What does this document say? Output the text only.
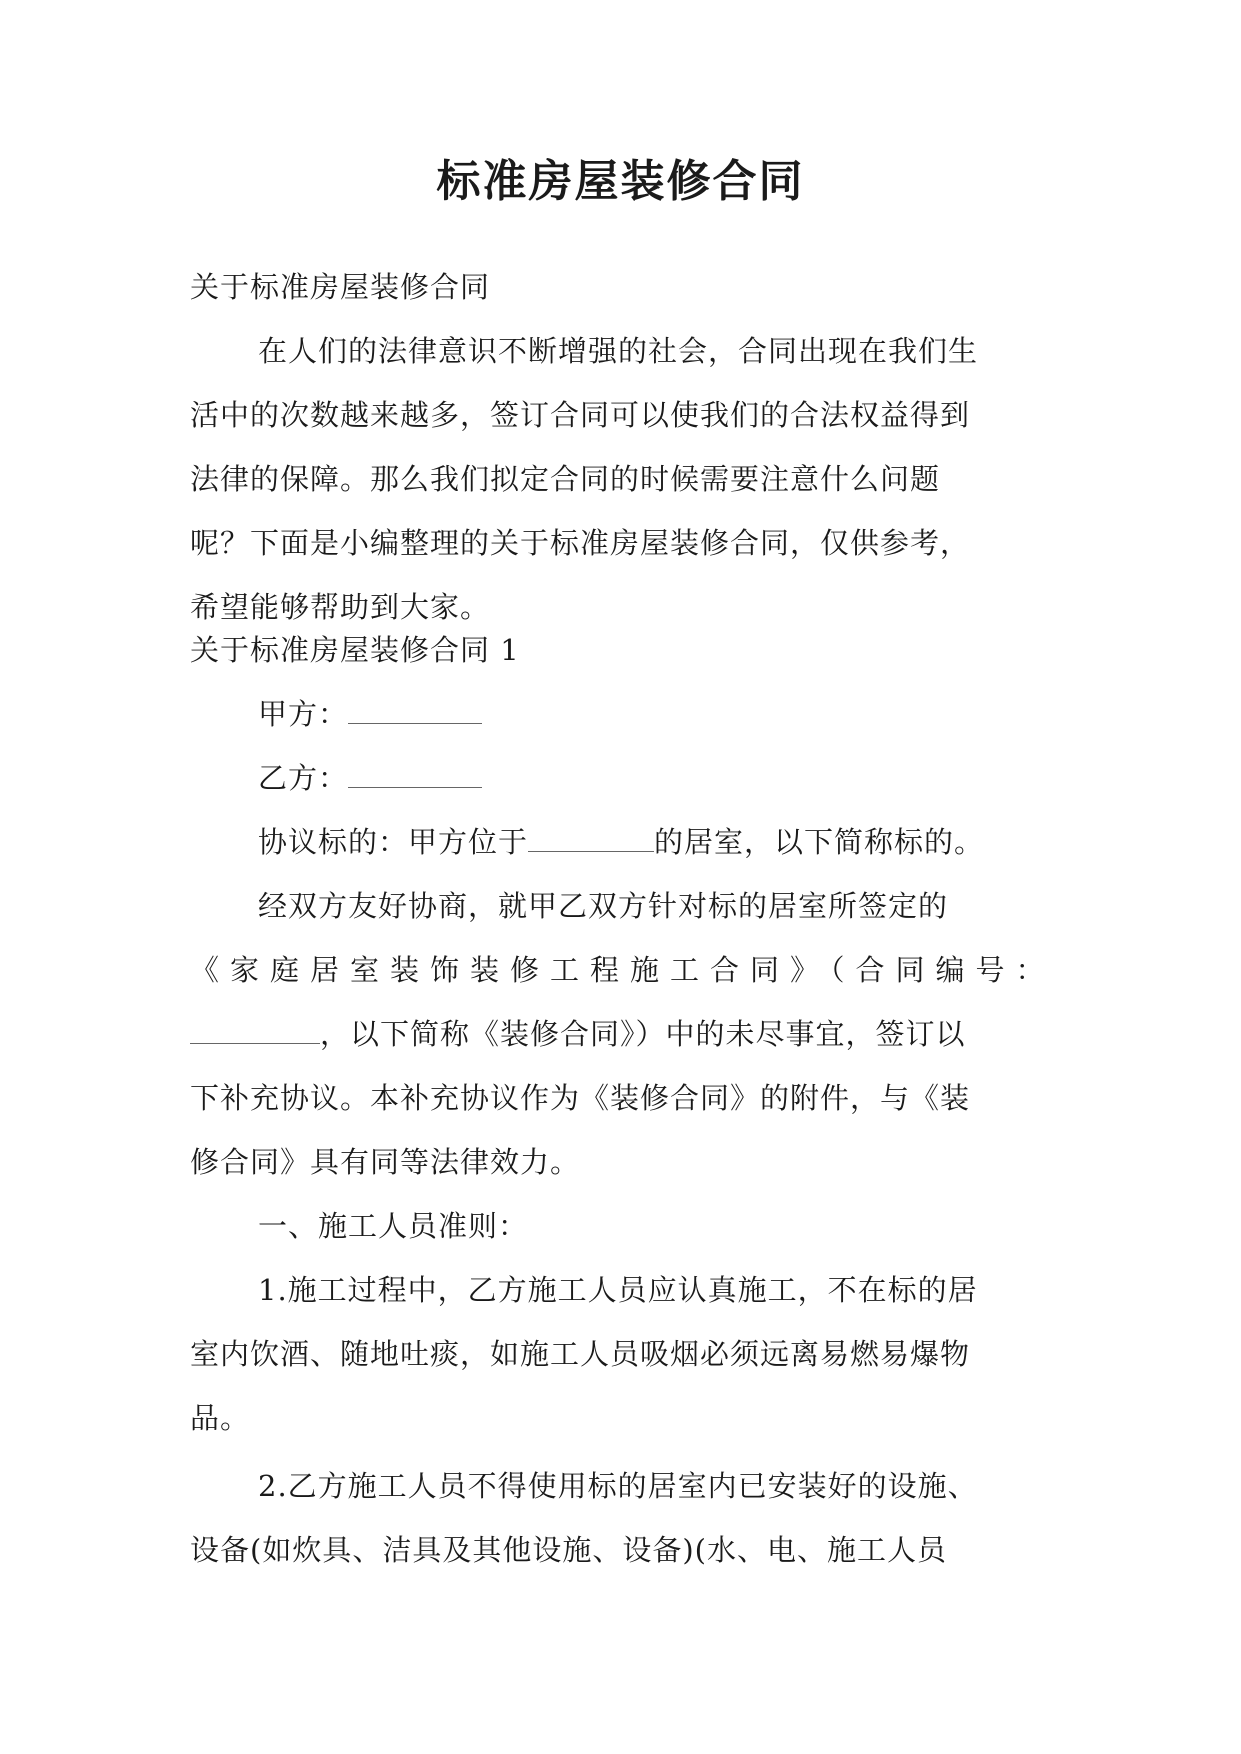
标准房屋装修合同

关于标准房屋装修合同

在人们的法律意识不断增强的社会，合同出现在我们生

活中的次数越来越多，签订合同可以使我们的合法权益得到

法律的保障。那么我们拟定合同的时候需要注意什么问题

呢？下面是小编整理的关于标准房屋装修合同，仅供参考，

希望能够帮助到大家。

关于标准房屋装修合同 1

甲方：

乙方：

协议标的：甲方位于	的居室，以下简称标的。

经双方友好协商，就甲乙双方针对标的居室所签定的

《家庭居室装饰装修工程施工合同》（合同编号：

，以下简称《装修合同》）中的未尽事宜，签订以

下补充协议。本补充协议作为《装修合同》的附件，与《装

修合同》具有同等法律效力。

一、施工人员准则：

1.施工过程中，乙方施工人员应认真施工，不在标的居

室内饮酒、随地吐痰，如施工人员吸烟必须远离易燃易爆物

品。

2.乙方施工人员不得使用标的居室内已安装好的设施、

设备(如炊具、洁具及其他设施、设备)(水、电、施工人员
